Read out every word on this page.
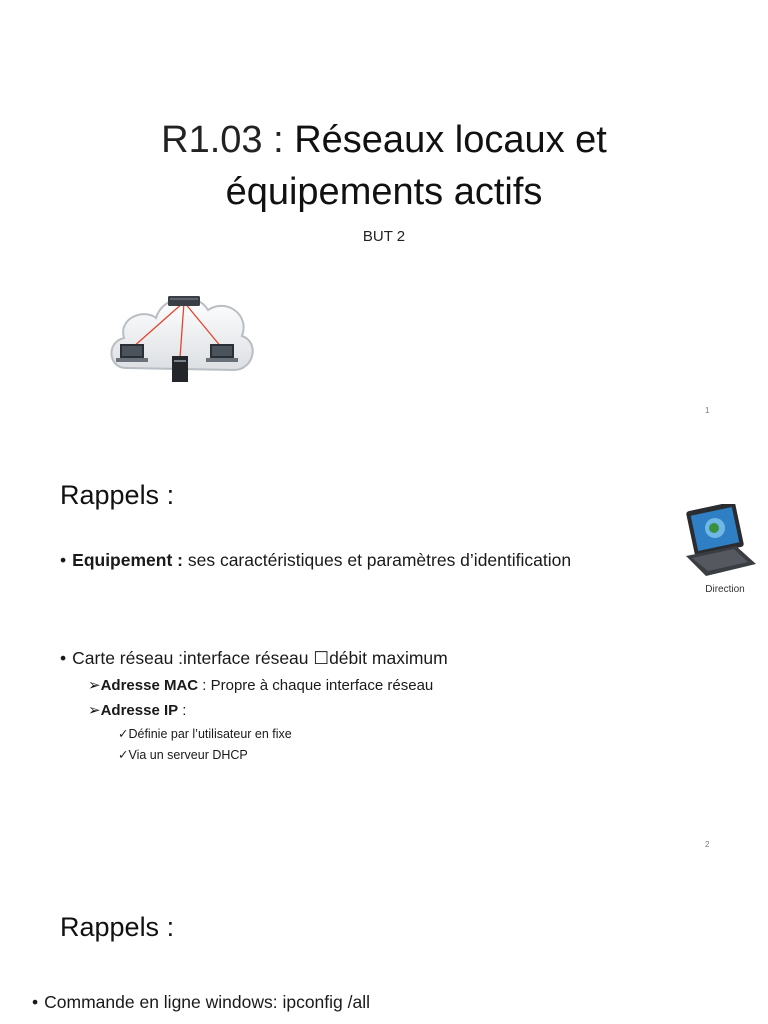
R1.03 : Réseaux locaux et
équipements actifs
BUT 2
1
Rappels :
Direction
• Equipement : ses caractéristiques et paramètres d’identification
• Carte réseau :interface réseau ☐débit maximum
➢Adresse MAC : Propre à chaque interface réseau
➢Adresse IP :
✓Définie par l’utilisateur en fixe
✓Via un serveur DHCP
2
Rappels :
• Commande en ligne windows: ipconfig /all
